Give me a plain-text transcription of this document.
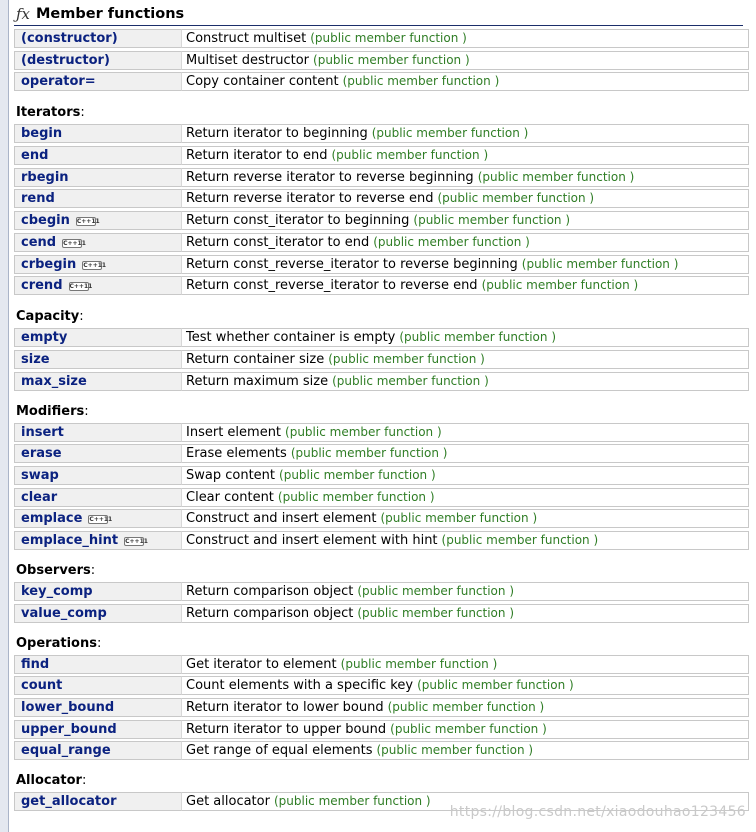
ƒx Member functions
(constructor)	Construct multiset (public member function )
(destructor)	Multiset destructor (public member function )
operator=	Copy container content (public member function )
Iterators:
begin	Return iterator to beginning (public member function )
end	Return iterator to end (public member function )
rbegin	Return reverse iterator to reverse beginning (public member function )
rend	Return reverse iterator to reverse end (public member function )
cbegin C++11	Return const_iterator to beginning (public member function )
cend C++11	Return const_iterator to end (public member function )
crbegin C++11	Return const_reverse_iterator to reverse beginning (public member function )
crend C++11	Return const_reverse_iterator to reverse end (public member function )
Capacity:
empty	Test whether container is empty (public member function )
size	Return container size (public member function )
max_size	Return maximum size (public member function )
Modifiers:
insert	Insert element (public member function )
erase	Erase elements (public member function )
swap	Swap content (public member function )
clear	Clear content (public member function )
emplace C++11	Construct and insert element (public member function )
emplace_hint C++11	Construct and insert element with hint (public member function )
Observers:
key_comp	Return comparison object (public member function )
value_comp	Return comparison object (public member function )
Operations:
find	Get iterator to element (public member function )
count	Count elements with a specific key (public member function )
lower_bound	Return iterator to lower bound (public member function )
upper_bound	Return iterator to upper bound (public member function )
equal_range	Get range of equal elements (public member function )
Allocator:
get_allocator	Get allocator (public member function )
https://blog.csdn.net/xiaodouhao123456
